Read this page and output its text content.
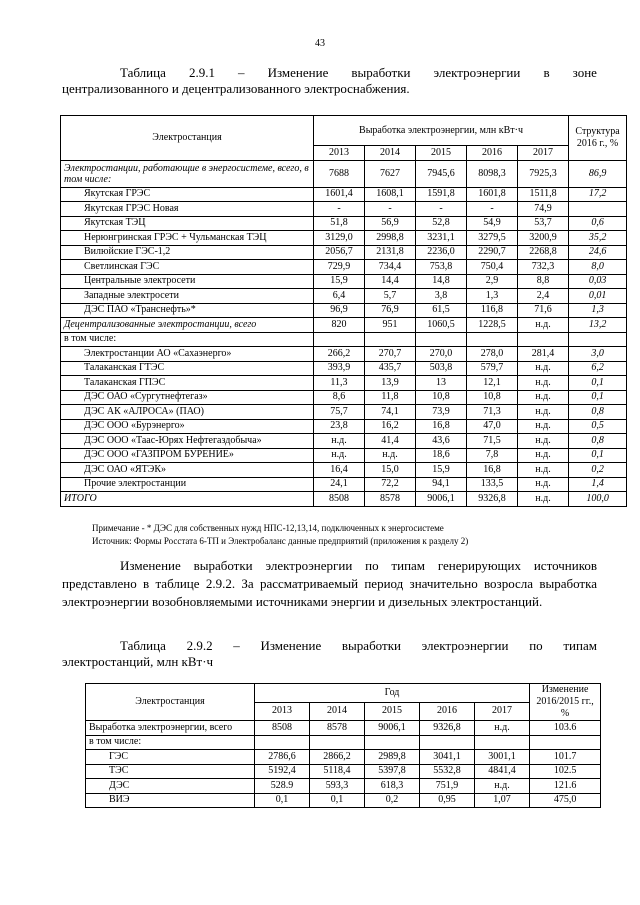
43
Таблица 2.9.1 – Изменение выработки электроэнергии в зоне
централизованного и децентрализованного электроснабжения.
Электростанция	Выработка электроэнергии, млн кВт·ч					Структура 2016 г., %
	2013	2014	2015	2016	2017	
Электростанции, работающие в энергосистеме, всего, в том числе:	7688	7627	7945,6	8098,3	7925,3	86,9
Якутская ГРЭС	1601,4	1608,1	1591,8	1601,8	1511,8	17,2
Якутская ГРЭС Новая	-	-	-	-	74,9	
Якутская ТЭЦ	51,8	56,9	52,8	54,9	53,7	0,6
Нерюнгринская ГРЭС + Чульманская ТЭЦ	3129,0	2998,8	3231,1	3279,5	3200,9	35,2
Вилюйские ГЭС-1,2	2056,7	2131,8	2236,0	2290,7	2268,8	24,6
Светлинская ГЭС	729,9	734,4	753,8	750,4	732,3	8,0
Центральные электросети	15,9	14,4	14,8	2,9	8,8	0,03
Западные электросети	6,4	5,7	3,8	1,3	2,4	0,01
ДЭС ПАО «Транснефть»*	96,9	76,9	61,5	116,8	71,6	1,3
Децентрализованные электростанции, всего	820	951	1060,5	1228,5	н.д.	13,2
в том числе:						
Электростанции АО «Сахаэнерго»	266,2	270,7	270,0	278,0	281,4	3,0
Талаканская ГТЭС	393,9	435,7	503,8	579,7	н.д.	6,2
Талаканская ГПЭС	11,3	13,9	13	12,1	н.д.	0,1
ДЭС ОАО «Сургутнефтегаз»	8,6	11,8	10,8	10,8	н.д.	0,1
ДЭС АК «АЛРОСА» (ПАО)	75,7	74,1	73,9	71,3	н.д.	0,8
ДЭС ООО «Бурэнерго»	23,8	16,2	16,8	47,0	н.д.	0,5
ДЭС ООО «Таас-Юрях Нефтегаздобыча»	н.д.	41,4	43,6	71,5	н.д.	0,8
ДЭС ООО «ГАЗПРОМ БУРЕНИЕ»	н.д.	н.д.	18,6	7,8	н.д.	0,1
ДЭС ОАО «ЯТЭК»	16,4	15,0	15,9	16,8	н.д.	0,2
Прочие электростанции	24,1	72,2	94,1	133,5	н.д.	1,4
ИТОГО	8508	8578	9006,1	9326,8	н.д.	100,0
Примечание - * ДЭС для собственных нужд НПС-12,13,14, подключенных к энергосистеме
Источник: Формы Росстата 6-ТП и Электробаланс данные предприятий (приложения к разделу 2)
Изменение выработки электроэнергии по типам генерирующих источников представлено в таблице 2.9.2. За рассматриваемый период значительно возросла выработка электроэнергии возобновляемыми источниками энергии и дизельных электростанций.
Таблица 2.9.2 – Изменение выработки электроэнергии по типам
электростанций, млн кВт·ч
Электростанция	Год					Изменение 2016/2015 гг., %
	2013	2014	2015	2016	2017	
Выработка электроэнергии, всего	8508	8578	9006,1	9326,8	н.д.	103.6
в том числе:						
ГЭС	2786,6	2866,2	2989,8	3041,1	3001,1	101.7
ТЭС	5192,4	5118,4	5397,8	5532,8	4841,4	102.5
ДЭС	528.9	593,3	618,3	751,9	н.д.	121.6
ВИЭ	0,1	0,1	0,2	0,95	1,07	475,0
